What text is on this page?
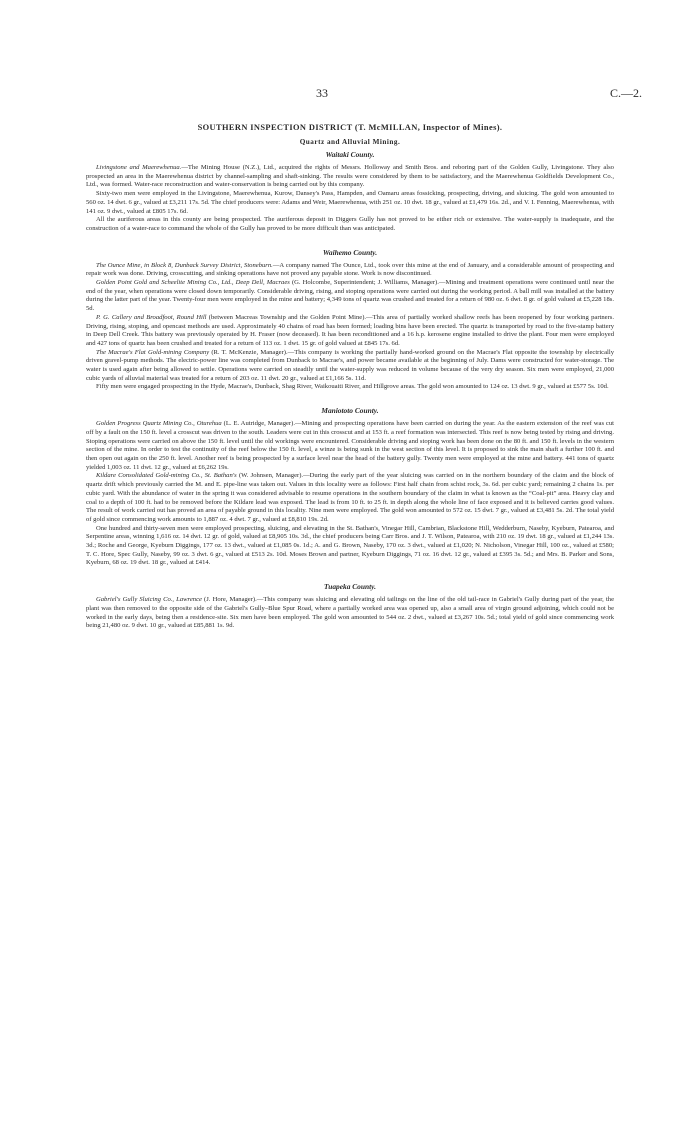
33	C.—2.
SOUTHERN INSPECTION DISTRICT (T. McMILLAN, Inspector of Mines).
Quartz and Alluvial Mining.
Waitaki County.

Livingstone and Maerewhenua.—The Mining House (N.Z.), Ltd., acquired the rights of Messrs. Holloway and Smith Bros. and reboring part of the Golden Gully, Livingstone. They also prospected an area in the Maerewhenua district by channel-sampling and shaft-sinking. The results were considered by them to be satisfactory, and the Maerewhenua Goldfields Development Co., Ltd., was formed. Water-race reconstruction and water-conservation is being carried out by this company.

Sixty-two men were employed in the Livingstone, Maerewhenua, Kurow, Dansey's Pass, Hampden, and Oamaru areas fossicking, prospecting, driving, and sluicing. The gold won amounted to 560 oz. 14 dwt. 6 gr., valued at £3,211 17s. 5d. The chief producers were: Adams and Weir, Maerewhenua, with 251 oz. 10 dwt. 18 gr., valued at £1,479 16s. 2d., and V. I. Fenning, Maerewhenua, with 141 oz. 9 dwt., valued at £805 17s. 6d.

All the auriferous areas in this county are being prospected. The auriferous deposit in Diggers Gully has not proved to be either rich or extensive. The water-supply is inadequate, and the construction of a water-race to command the whole of the Gully has proved to be more difficult than was anticipated.

Waihemo County.

The Ounce Mine, in Block 8, Dunback Survey District, Stoneburn.—A company named The Ounce, Ltd., took over this mine at the end of January, and a considerable amount of prospecting and repair work was done. Driving, crosscutting, and sinking operations have not proved any payable stone. Work is now discontinued.

Golden Point Gold and Scheelite Mining Co., Ltd., Deep Dell, Macraes (G. Holcombe, Superintendent; J. Williams, Manager).—Mining and treatment operations were continued until near the end of the year, when operations were closed down temporarily. Considerable driving, rising, and stoping operations were carried out during the working period. A ball mill was installed at the battery during the latter part of the year. Twenty-four men were employed in the mine and battery; 4,349 tons of quartz was crushed and treated for a return of 980 oz. 6 dwt. 8 gr. of gold valued at £5,228 18s. 5d.

P. G. Callery and Broadfoot, Round Hill (between Macreas Township and the Golden Point Mine).—This area of partially worked shallow reefs has been reopened by four working partners. Driving, rising, stoping, and opencast methods are used. Approximately 40 chains of road has been formed; loading bins have been erected. The quartz is transported by road to the five-stamp battery in Deep Dell Creek. This battery was previously operated by H. Fraser (now deceased). It has been reconditioned and a 16 h.p. kerosene engine installed to drive the plant. Four men were employed and 427 tons of quartz has been crushed and treated for a return of 113 oz. 1 dwt. 15 gr. of gold valued at £845 17s. 6d.

The Macrae's Flat Gold-mining Company (R. T. McKenzie, Manager).—This company is working the partially hand-worked ground on the Macrae's Flat opposite the township by electrically driven gravel-pump methods. The electric-power line was completed from Dunback to Macrae's, and power became available at the beginning of July. Dams were constructed for water-storage. The water is used again after being allowed to settle. Operations were carried on steadily until the water-supply was reduced in volume because of the very dry season. Six men were employed, 21,000 cubic yards of alluvial material was treated for a return of 203 oz. 11 dwt. 20 gr., valued at £1,166 5s. 11d.

Fifty men were engaged prospecting in the Hyde, Macrae's, Dunback, Shag River, Waikouaiti River, and Hillgrove areas. The gold won amounted to 124 oz. 13 dwt. 9 gr., valued at £577 5s. 10d.

Maniototo County.

Golden Progress Quartz Mining Co., Oturehua (L. E. Autridge, Manager).—Mining and prospecting operations have been carried on during the year. As the eastern extension of the reef was cut off by a fault on the 150 ft. level a crosscut was driven to the south. Leaders were cut in this crosscut and at 153 ft. a reef formation was intersected. This reef is now being tested by rising and driving. Stoping operations were carried on above the 150 ft. level until the old workings were encountered. Considerable driving and stoping work has been done on the 80 ft. and 150 ft. levels in the western section of the mine. In order to test the continuity of the reef below the 150 ft. level, a winze is being sunk in the west section of this level. It is proposed to sink the main shaft a further 100 ft. and then open out again on the 250 ft. level. Another reef is being prospected by a surface level near the head of the battery gully. Twenty men were employed at the mine and battery. 441 tons of quartz yielded 1,003 oz. 11 dwt. 12 gr., valued at £6,262 19s.

Kildare Consolidated Gold-mining Co., St. Bathan's (W. Johnsen, Manager).—During the early part of the year sluicing was carried on in the northern boundary of the claim and the block of quartz drift which previously carried the M. and E. pipe-line was taken out. Values in this locality were as follows: First half chain from schist rock, 3s. 6d. per cubic yard; remaining 2 chains 1s. per cubic yard. With the abundance of water in the spring it was considered advisable to resume operations in the southern boundary of the claim in what is known as the “Coal-pit” area. Heavy clay and coal to a depth of 100 ft. had to be removed before the Kildare lead was exposed. The lead is from 10 ft. to 25 ft. in depth along the whole line of face exposed and it is believed carries good values. The result of work carried out has proved an area of payable ground in this locality. Nine men were employed. The gold won amounted to 572 oz. 15 dwt. 7 gr., valued at £3,481 5s. 2d. The total yield of gold since commencing work amounts to 1,887 oz. 4 dwt. 7 gr., valued at £8,810 19s. 2d.

One hundred and thirty-seven men were employed prospecting, sluicing, and elevating in the St. Bathan's, Vinegar Hill, Cambrian, Blackstone Hill, Wedderburn, Naseby, Kyeburn, Patearoa, and Serpentine areas, winning 1,616 oz. 14 dwt. 12 gr. of gold, valued at £8,905 10s. 3d., the chief producers being Carr Bros. and J. T. Wilson, Patearoa, with 210 oz. 19 dwt. 18 gr., valued at £1,244 13s. 3d.; Roche and George, Kyeburn Diggings, 177 oz. 13 dwt., valued at £1,085 0s. 1d.; A. and G. Brown, Naseby, 170 oz. 3 dwt., valued at £1,020; N. Nicholson, Vinegar Hill, 100 oz., valued at £580; T. C. Hore, Spec Gully, Naseby, 99 oz. 3 dwt. 6 gr., valued at £513 2s. 10d. Moses Brown and partner, Kyeburn Diggings, 71 oz. 16 dwt. 12 gr., valued at £395 3s. 5d.; and Mrs. B. Parker and Sons, Kyeburn, 68 oz. 19 dwt. 18 gr., valued at £414.

Tuapeka County.

Gabriel's Gully Sluicing Co., Lawrence (J. Hore, Manager).—This company was sluicing and elevating old tailings on the line of the old tail-race in Gabriel's Gully during part of the year, the plant was then removed to the opposite side of the Gabriel's Gully–Blue Spur Road, where a partially worked area was opened up, also a small area of virgin ground adjoining, which could not be worked in the early days, being then a residence-site. Six men have been employed. The gold won amounted to 544 oz. 2 dwt., valued at £3,267 10s. 5d.; total yield of gold since commencing work being 21,480 oz. 9 dwt. 10 gr., valued at £85,881 1s. 9d.
